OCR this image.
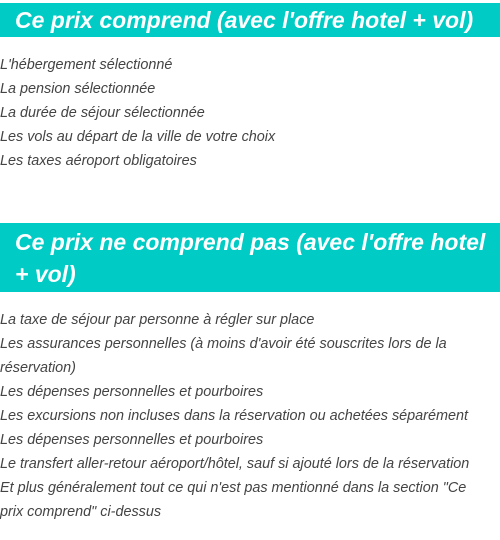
Ce prix comprend (avec l'offre hotel + vol)
L'hébergement sélectionné
La pension sélectionnée
La durée de séjour sélectionnée
Les vols au départ de la ville de votre choix
Les taxes aéroport obligatoires
Ce prix ne comprend pas (avec l'offre hotel + vol)
La taxe de séjour par personne à régler sur place
Les assurances personnelles (à moins d'avoir été souscrites lors de la réservation)
Les dépenses personnelles et pourboires
Les excursions non incluses dans la réservation ou achetées séparément
Les dépenses personnelles et pourboires
Le transfert aller-retour aéroport/hôtel, sauf si ajouté lors de la réservation
Et plus généralement tout ce qui n'est pas mentionné dans la section "Ce prix comprend" ci-dessus
